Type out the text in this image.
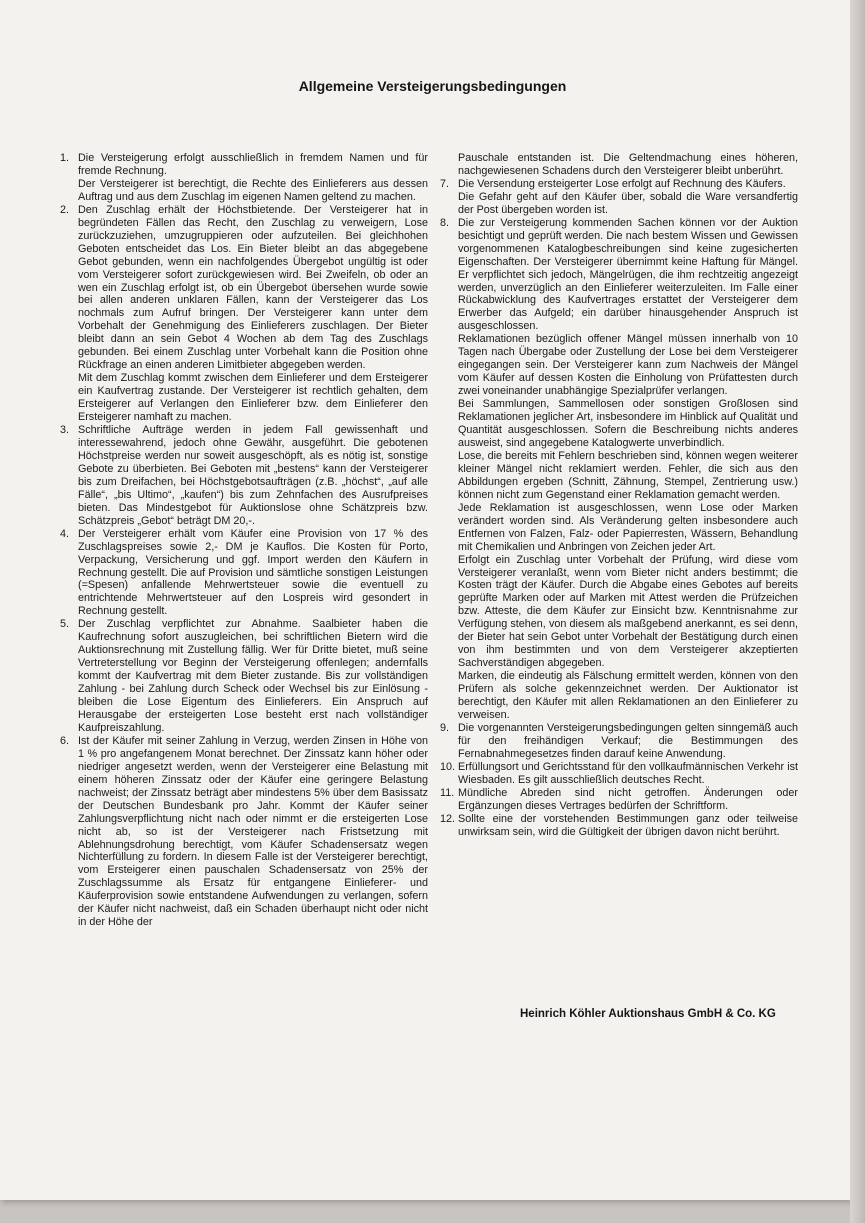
Allgemeine Versteigerungsbedingungen
1. Die Versteigerung erfolgt ausschließlich in fremdem Namen und für fremde Rechnung.

Der Versteigerer ist berechtigt, die Rechte des Einlieferers aus dessen Auftrag und aus dem Zuschlag im eigenen Namen geltend zu machen.

2. Den Zuschlag erhält der Höchstbietende. Der Versteigerer hat in begründeten Fällen das Recht, den Zuschlag zu verweigern, Lose zurückzuziehen, umzugruppieren oder aufzuteilen. Bei gleichhohen Geboten entscheidet das Los. Ein Bieter bleibt an das abgegebene Gebot gebunden, wenn ein nachfolgendes Übergebot ungültig ist oder vom Versteigerer sofort zurückgewiesen wird. Bei Zweifeln, ob oder an wen ein Zuschlag erfolgt ist, ob ein Übergebot übersehen wurde sowie bei allen anderen unklaren Fällen, kann der Versteigerer das Los nochmals zum Aufruf bringen. Der Versteigerer kann unter dem Vorbehalt der Genehmigung des Einlieferers zuschlagen. Der Bieter bleibt dann an sein Gebot 4 Wochen ab dem Tag des Zuschlags gebunden. Bei einem Zuschlag unter Vorbehalt kann die Position ohne Rückfrage an einen anderen Limitbieter abgegeben werden.

Mit dem Zuschlag kommt zwischen dem Einlieferer und dem Ersteigerer ein Kaufvertrag zustande. Der Versteigerer ist rechtlich gehalten, dem Ersteigerer auf Verlangen den Einlieferer bzw. dem Einlieferer den Ersteigerer namhaft zu machen.

3. Schriftliche Aufträge werden in jedem Fall gewissenhaft und interessewahrend, jedoch ohne Gewähr, ausgeführt. Die gebotenen Höchstpreise werden nur soweit ausgeschöpft, als es nötig ist, sonstige Gebote zu überbieten. Bei Geboten mit „bestens“ kann der Versteigerer bis zum Dreifachen, bei Höchstgebotsaufträgen (z.B. „höchst“, „auf alle Fälle“, „bis Ultimo“, „kaufen“) bis zum Zehnfachen des Ausrufpreises bieten. Das Mindestgebot für Auktionslose ohne Schätzpreis bzw. Schätzpreis „Gebot“ beträgt DM 20,-.

4. Der Versteigerer erhält vom Käufer eine Provision von 17 % des Zuschlagspreises sowie 2,- DM je Kauflos. Die Kosten für Porto, Verpackung, Versicherung und ggf. Import werden den Käufern in Rechnung gestellt. Die auf Provision und sämtliche sonstigen Leistungen (=Spesen) anfallende Mehrwertsteuer sowie die eventuell zu entrichtende Mehrwertsteuer auf den Lospreis wird gesondert in Rechnung gestellt.

5. Der Zuschlag verpflichtet zur Abnahme. Saalbieter haben die Kaufrechnung sofort auszugleichen, bei schriftlichen Bietern wird die Auktionsrechnung mit Zustellung fällig. Wer für Dritte bietet, muß seine Vertreterstellung vor Beginn der Versteigerung offenlegen; andernfalls kommt der Kaufvertrag mit dem Bieter zustande. Bis zur vollständigen Zahlung - bei Zahlung durch Scheck oder Wechsel bis zur Einlösung - bleiben die Lose Eigentum des Einlieferers. Ein Anspruch auf Herausgabe der ersteigerten Lose besteht erst nach vollständiger Kaufpreiszahlung.

6. Ist der Käufer mit seiner Zahlung in Verzug, werden Zinsen in Höhe von 1 % pro angefangenem Monat berechnet. Der Zinssatz kann höher oder niedriger angesetzt werden, wenn der Versteigerer eine Belastung mit einem höheren Zinssatz oder der Käufer eine geringere Belastung nachweist; der Zinssatz beträgt aber mindestens 5% über dem Basissatz der Deutschen Bundesbank pro Jahr. Kommt der Käufer seiner Zahlungsverpflichtung nicht nach oder nimmt er die ersteigerten Lose nicht ab, so ist der Versteigerer nach Fristsetzung mit Ablehnungsdrohung berechtigt, vom Käufer Schadensersatz wegen Nichterfüllung zu fordern. In diesem Falle ist der Versteigerer berechtigt, vom Ersteigerer einen pauschalen Schadensersatz von 25% der Zuschlagssumme als Ersatz für entgangene Einlieferer- und Käuferprovision sowie entstandene Aufwendungen zu verlangen, sofern der Käufer nicht nachweist, daß ein Schaden überhaupt nicht oder nicht in der Höhe der

Pauschale entstanden ist. Die Geltendmachung eines höheren, nachgewiesenen Schadens durch den Versteigerer bleibt unberührt.

7. Die Versendung ersteigerter Lose erfolgt auf Rechnung des Käufers.

Die Gefahr geht auf den Käufer über, sobald die Ware versandfertig der Post übergeben worden ist.

8. Die zur Versteigerung kommenden Sachen können vor der Auktion besichtigt und geprüft werden. Die nach bestem Wissen und Gewissen vorgenommenen Katalogbeschreibungen sind keine zugesicherten Eigenschaften. Der Versteigerer übernimmt keine Haftung für Mängel. Er verpflichtet sich jedoch, Mängelrügen, die ihm rechtzeitig angezeigt werden, unverzüglich an den Einlieferer weiterzuleiten. Im Falle einer Rückabwicklung des Kaufvertrages erstattet der Versteigerer dem Erwerber das Aufgeld; ein darüber hinausgehender Anspruch ist ausgeschlossen.

Reklamationen bezüglich offener Mängel müssen innerhalb von 10 Tagen nach Übergabe oder Zustellung der Lose bei dem Versteigerer eingegangen sein. Der Versteigerer kann zum Nachweis der Mängel vom Käufer auf dessen Kosten die Einholung von Prüfattesten durch zwei voneinander unabhängige Spezialprüfer verlangen.

Bei Sammlungen, Sammellosen oder sonstigen Großlosen sind Reklamationen jeglicher Art, insbesondere im Hinblick auf Qualität und Quantität ausgeschlossen. Sofern die Beschreibung nichts anderes ausweist, sind angegebene Katalogwerte unverbindlich.

Lose, die bereits mit Fehlern beschrieben sind, können wegen weiterer kleiner Mängel nicht reklamiert werden. Fehler, die sich aus den Abbildungen ergeben (Schnitt, Zähnung, Stempel, Zentrierung usw.) können nicht zum Gegenstand einer Reklamation gemacht werden.

Jede Reklamation ist ausgeschlossen, wenn Lose oder Marken verändert worden sind. Als Veränderung gelten insbesondere auch Entfernen von Falzen, Falz- oder Papierresten, Wässern, Behandlung mit Chemikalien und Anbringen von Zeichen jeder Art.

Erfolgt ein Zuschlag unter Vorbehalt der Prüfung, wird diese vom Versteigerer veranlaßt, wenn vom Bieter nicht anders bestimmt; die Kosten trägt der Käufer. Durch die Abgabe eines Gebotes auf bereits geprüfte Marken oder auf Marken mit Attest werden die Prüfzeichen bzw. Atteste, die dem Käufer zur Einsicht bzw. Kenntnisnahme zur Verfügung stehen, von diesem als maßgebend anerkannt, es sei denn, der Bieter hat sein Gebot unter Vorbehalt der Bestätigung durch einen von ihm bestimmten und von dem Versteigerer akzeptierten Sachverständigen abgegeben.

Marken, die eindeutig als Fälschung ermittelt werden, können von den Prüfern als solche gekennzeichnet werden. Der Auktionator ist berechtigt, den Käufer mit allen Reklamationen an den Einlieferer zu verweisen.

9. Die vorgenannten Versteigerungsbedingungen gelten sinngemäß auch für den freihändigen Verkauf; die Bestimmungen des Fernabnahmegesetzes finden darauf keine Anwendung.

10. Erfüllungsort und Gerichtsstand für den vollkaufmännischen Verkehr ist Wiesbaden. Es gilt ausschließlich deutsches Recht.

11. Mündliche Abreden sind nicht getroffen. Änderungen oder Ergänzungen dieses Vertrages bedürfen der Schriftform.

12. Sollte eine der vorstehenden Bestimmungen ganz oder teilweise unwirksam sein, wird die Gültigkeit der übrigen davon nicht berührt.

Heinrich Köhler Auktionshaus GmbH & Co. KG
